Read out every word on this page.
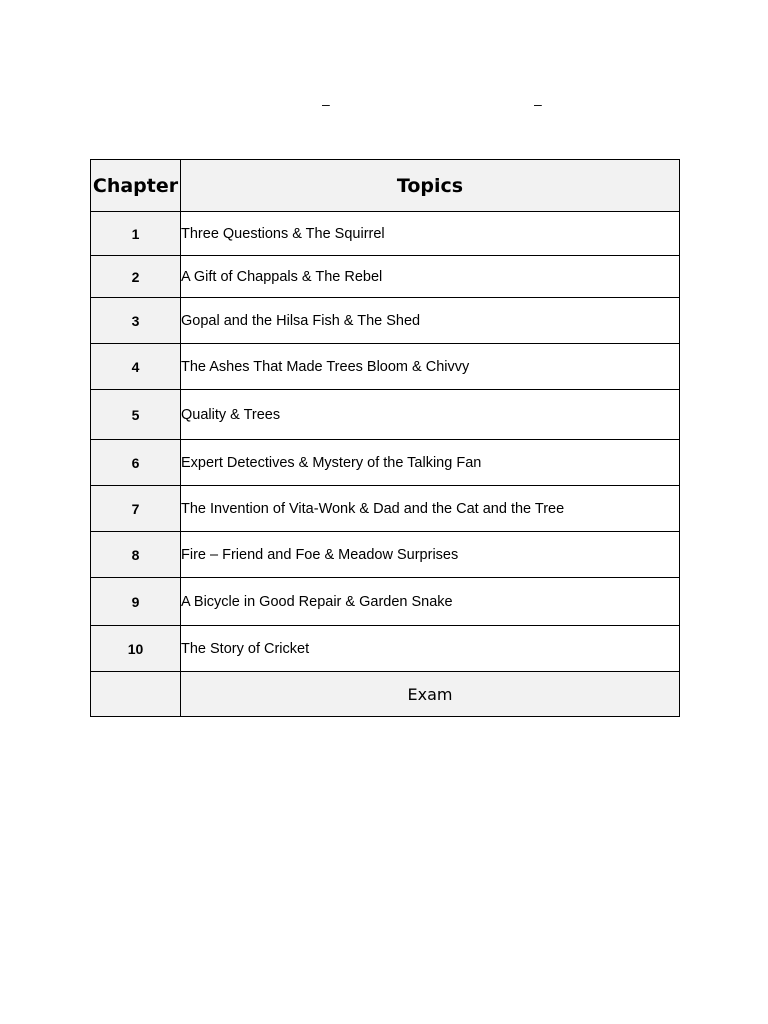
–	–
Chapter	Topics
1	Three Questions & The Squirrel
2	A Gift of Chappals & The Rebel
3	Gopal and the Hilsa Fish & The Shed
4	The Ashes That Made Trees Bloom & Chivvy
5	Quality & Trees
6	Expert Detectives & Mystery of the Talking Fan
7	The Invention of Vita-Wonk & Dad and the Cat and the Tree
8	Fire – Friend and Foe & Meadow Surprises
9	A Bicycle in Good Repair & Garden Snake
10	The Story of Cricket
	Exam
